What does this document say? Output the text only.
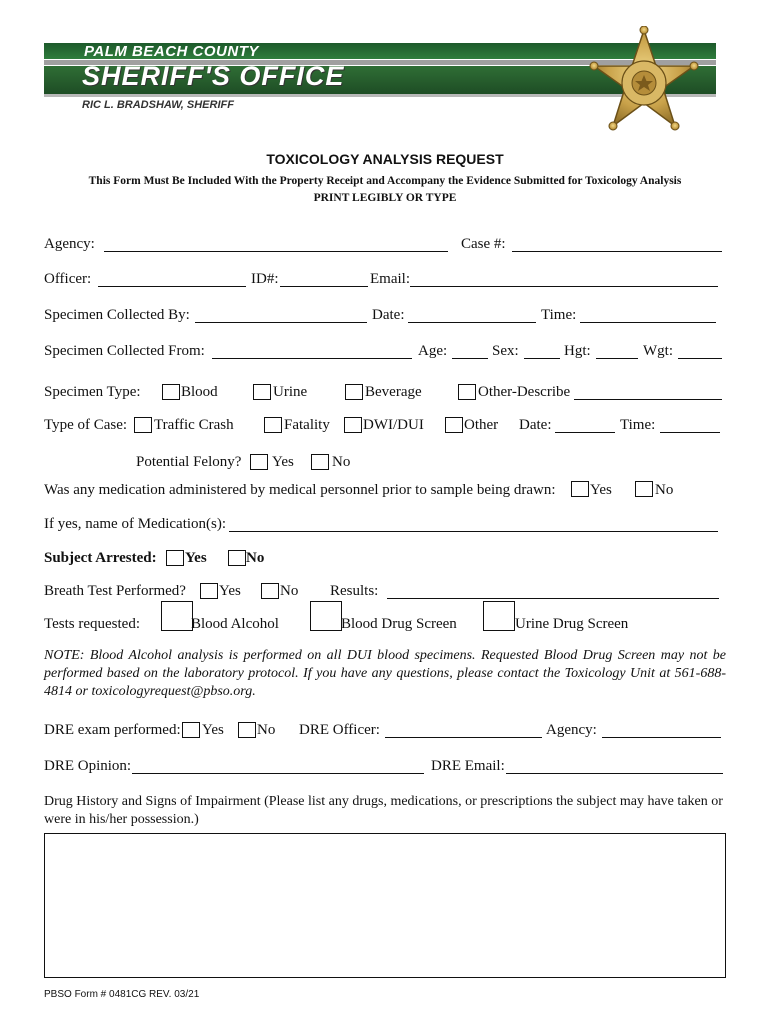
PALM BEACH COUNTY
SHERIFF'S OFFICE
RIC L. BRADSHAW, SHERIFF
TOXICOLOGY ANALYSIS REQUEST
This Form Must Be Included With the Property Receipt and Accompany the Evidence Submitted for Toxicology Analysis
PRINT LEGIBLY OR TYPE
Agency:	Case #:
Officer:	ID#:	Email:
Specimen Collected By:	Date:	Time:
Specimen Collected From:	Age:	Sex:	Hgt:	Wgt:
Specimen Type:	Blood	Urine	Beverage	Other-Describe
Type of Case: Traffic Crash	Fatality DWI/DUI	Other Date:	Time:
Potential Felony? Yes	No
Was any medication administered by medical personnel prior to sample being drawn: Yes	No
If yes, name of Medication(s):
Subject Arrested: Yes	No
Breath Test Performed? Yes	No Results:
Tests requested:	Blood Alcohol	Blood Drug Screen	Urine Drug Screen
NOTE: Blood Alcohol analysis is performed on all DUI blood specimens. Requested Blood Drug Screen may not be performed based on the laboratory protocol. If you have any questions, please contact the Toxicology Unit at 561-688-4814 or toxicologyrequest@pbso.org.
DRE exam performed: Yes No DRE Officer:	Agency:
DRE Opinion:	DRE Email:
Drug History and Signs of Impairment (Please list any drugs, medications, or prescriptions the subject may have taken or were in his/her possession.)
PBSO Form # 0481CG REV. 03/21
